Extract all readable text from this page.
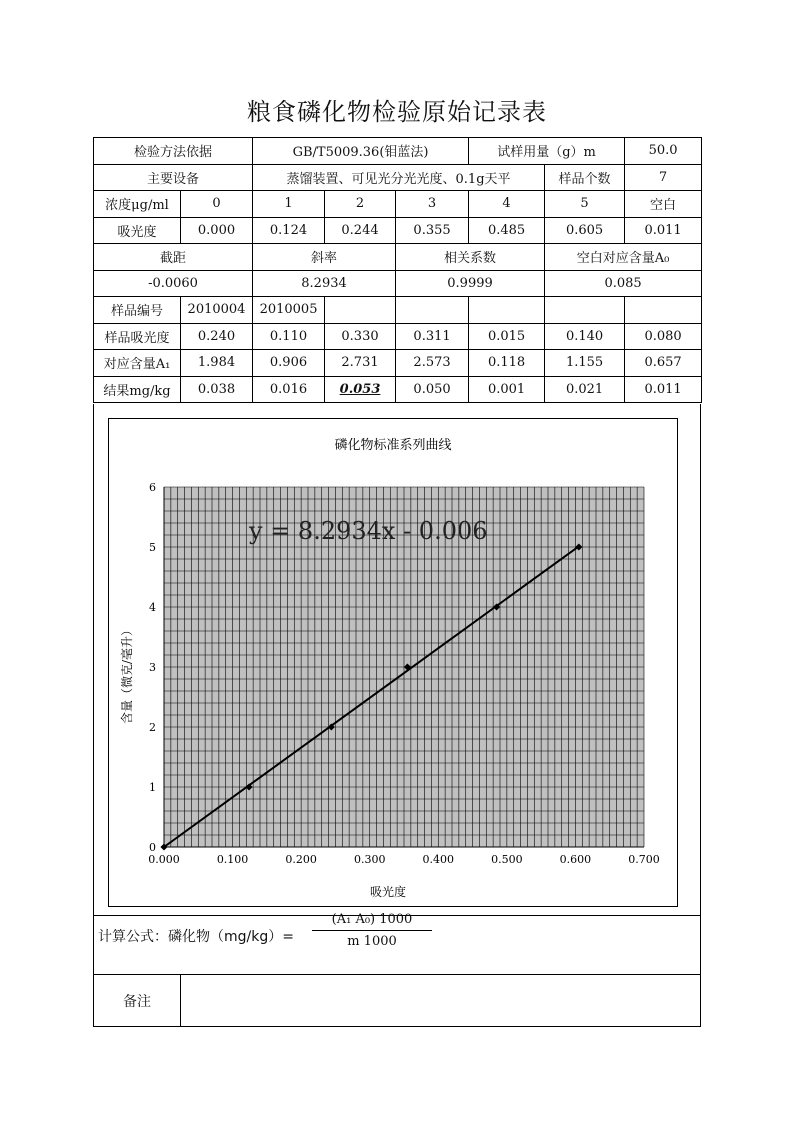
粮食磷化物检验原始记录表
检验方法依据		GB/T5009.36(钼蓝法)			试样用量（g）m		50.0
主要设备		蒸馏装置、可见光分光光度、0.1g天平				样品个数	7
浓度μg/ml	0	1	2	3	4	5	空白
吸光度	0.000	0.124	0.244	0.355	0.485	0.605	0.011
截距		斜率		相关系数		空白对应含量A₀	
-0.0060		8.2934		0.9999		0.085	
样品编号	2010004	2010005					
样品吸光度	0.240	0.110	0.330	0.311	0.015	0.140	0.080
对应含量A₁	1.984	0.906	2.731	2.573	0.118	1.155	0.657
结果mg/kg	0.038	0.016	0.053	0.050	0.001	0.021	0.011
磷化物标准系列曲线
0.000	0.100	0.200	0.300	0.400	0.500	0.600	0.700
0
1
2
3
4
5
6
y = 8.2934x - 0.006
吸光度
含量（微克/毫升）
计算公式：磷化物$(mg/kg)= \frac{\text{(A₁ A₀) 1000}}{m 1000}$
备注
